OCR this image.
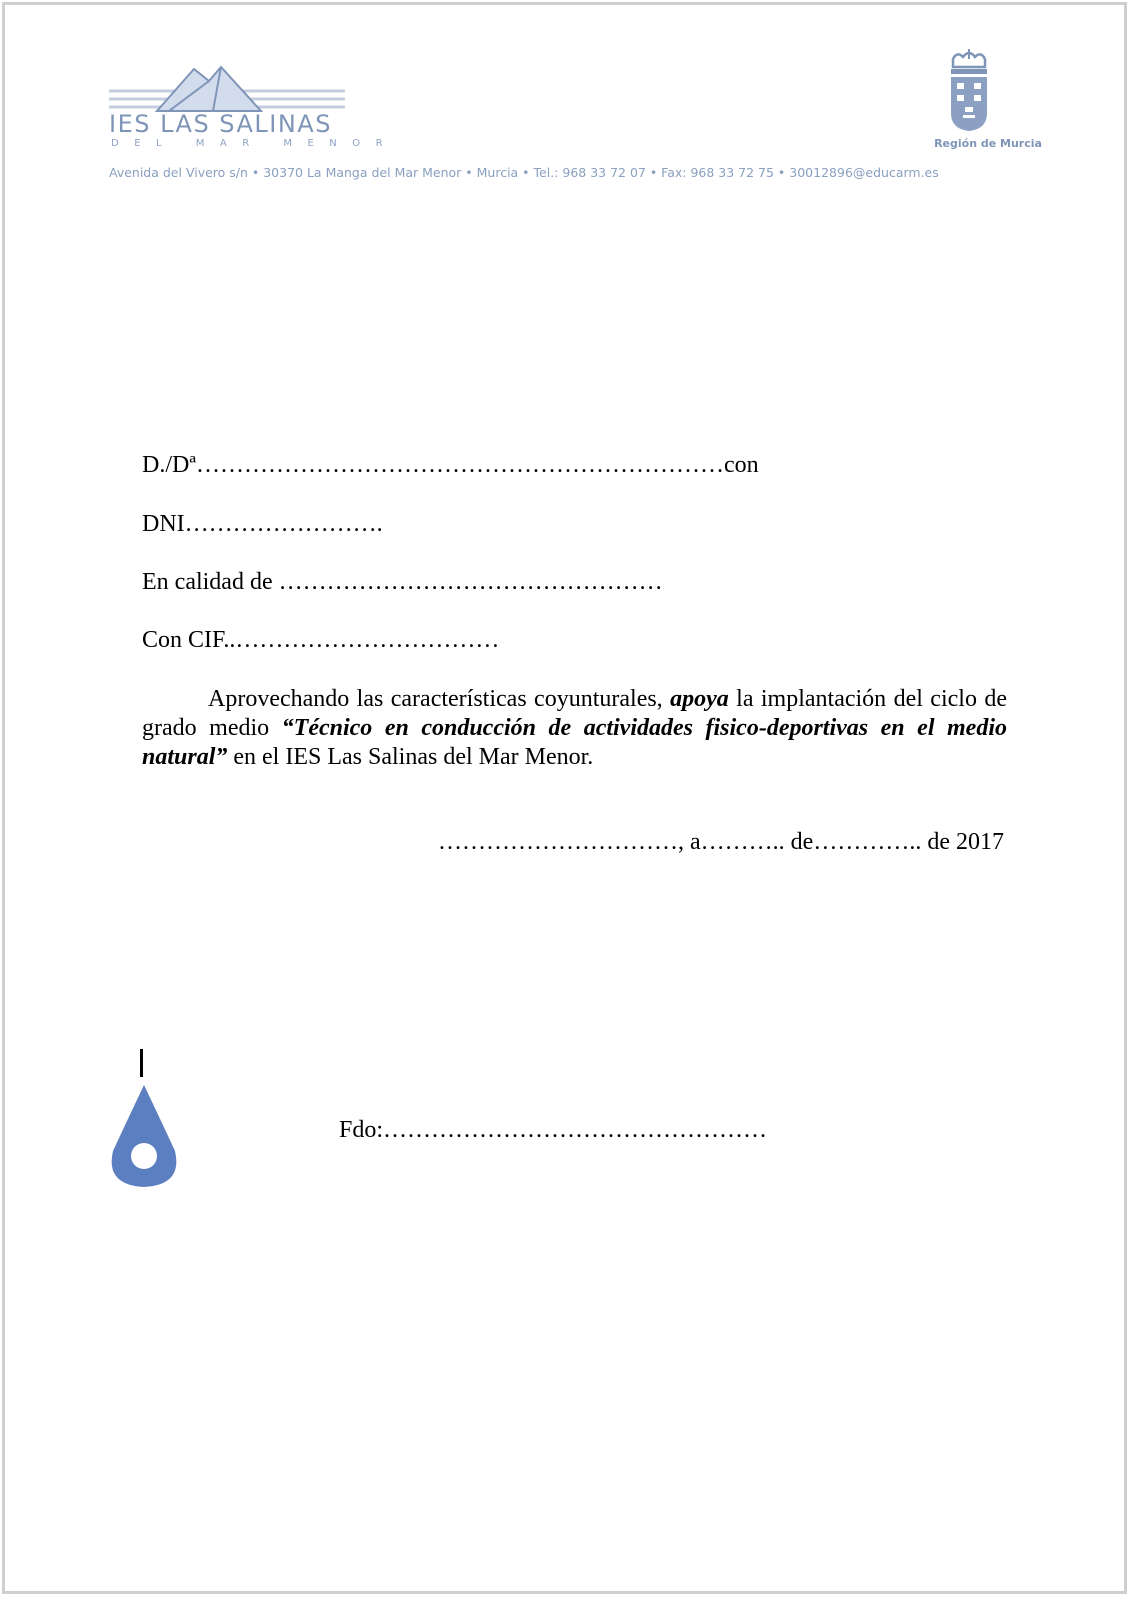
IES LAS SALINAS
DEL MAR MENOR	Región de Murcia
Avenida del Vivero s/n • 30370 La Manga del Mar Menor • Murcia • Tel.: 968 33 72 07 • Fax: 968 33 72 75 • 30012896@educarm.es
D./Dª…………………………………………………………con
DNI…………………….
En calidad de …………………………………………
Con CIF..……………………………
Aprovechando las características coyunturales, apoya la implantación del ciclo de grado medio “Técnico en conducción de actividades fisico-deportivas en el medio natural” en el IES Las Salinas del Mar Menor.
…………………………, a……….. de………….. de 2017
Fdo:…………………………………………
